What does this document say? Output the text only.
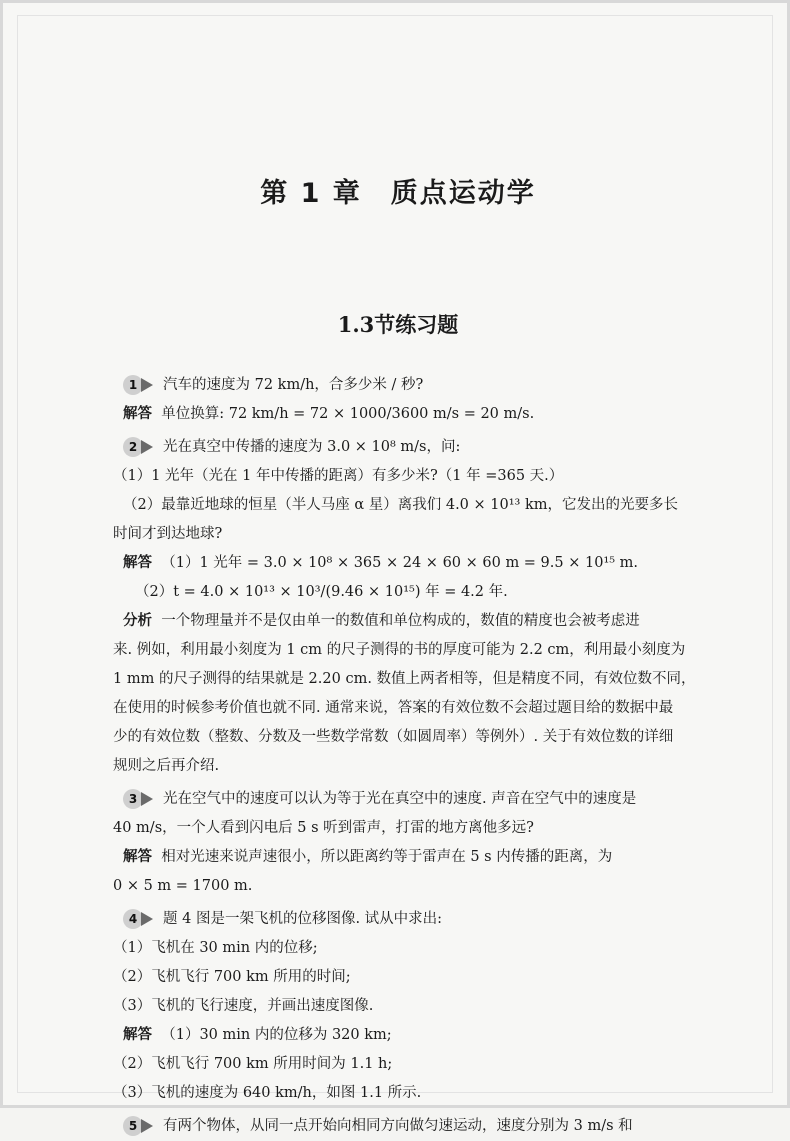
第 1 章　质点运动学
1.3节练习题
1	汽车的速度为 72 km/h，合多少米 / 秒?
解答 单位换算: 72 km/h = 72 × 1000/3600 m/s = 20 m/s.
2	光在真空中传播的速度为 3.0 × 10⁸ m/s，问:
（1）1 光年（光在 1 年中传播的距离）有多少米?（1 年 =365 天.）
（2）最靠近地球的恒星（半人马座 α 星）离我们 4.0 × 10¹³ km，它发出的光要多长
时间才到达地球?
解答 （1）1 光年 = 3.0 × 10⁸ × 365 × 24 × 60 × 60 m = 9.5 × 10¹⁵ m.
（2）t = 4.0 × 10¹³ × 10³/(9.46 × 10¹⁵) 年 = 4.2 年.
分析 一个物理量并不是仅由单一的数值和单位构成的，数值的精度也会被考虑进
来. 例如，利用最小刻度为 1 cm 的尺子测得的书的厚度可能为 2.2 cm，利用最小刻度为
1 mm 的尺子测得的结果就是 2.20 cm. 数值上两者相等，但是精度不同，有效位数不同，
在使用的时候参考价值也就不同. 通常来说，答案的有效位数不会超过题目给的数据中最
少的有效位数（整数、分数及一些数学常数（如圆周率）等例外）. 关于有效位数的详细
规则之后再介绍.
3	光在空气中的速度可以认为等于光在真空中的速度. 声音在空气中的速度是
40 m/s，一个人看到闪电后 5 s 听到雷声，打雷的地方离他多远?
解答 相对光速来说声速很小，所以距离约等于雷声在 5 s 内传播的距离，为
0 × 5 m = 1700 m.
4	题 4 图是一架飞机的位移图像. 试从中求出:
（1）飞机在 30 min 内的位移;
（2）飞机飞行 700 km 所用的时间;
（3）飞机的飞行速度，并画出速度图像.
解答 （1）30 min 内的位移为 320 km;
（2）飞机飞行 700 km 所用时间为 1.1 h;
（3）飞机的速度为 640 km/h，如图 1.1 所示.
5	有两个物体，从同一点开始向相同方向做匀速运动，速度分别为 3 m/s 和
